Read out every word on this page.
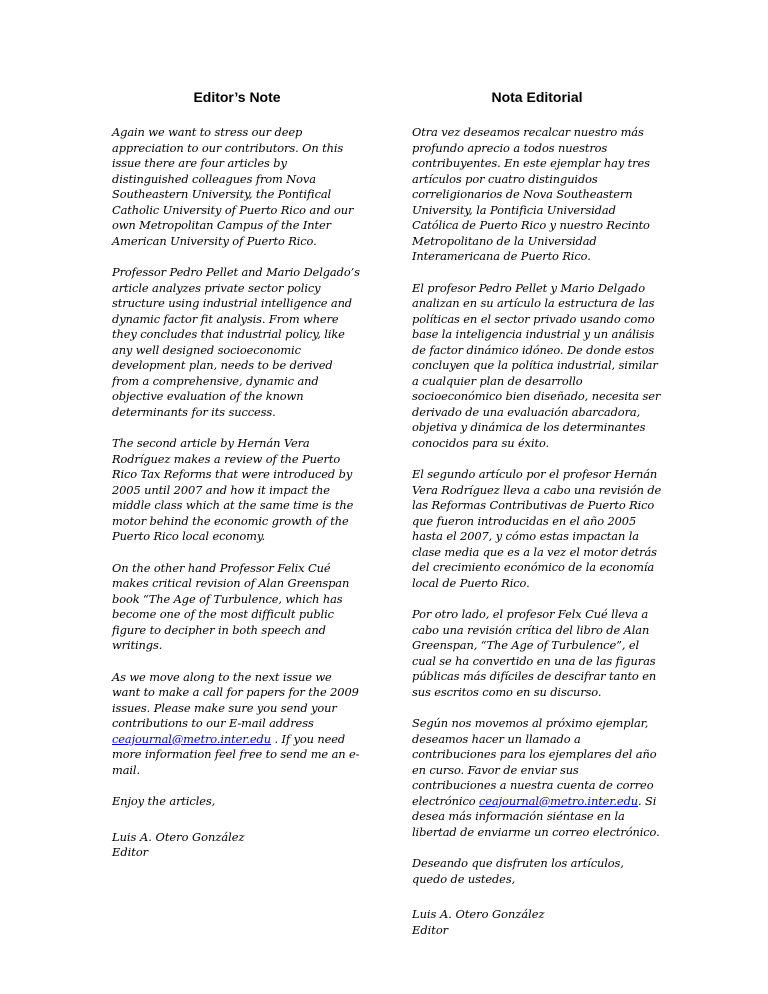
Editor’s Note

Again we want to stress our deep appreciation to our contributors. On this issue there are four articles by distinguished colleagues from Nova Southeastern University, the Pontifical Catholic University of Puerto Rico and our own Metropolitan Campus of the Inter American University of Puerto Rico.

Professor Pedro Pellet and Mario Delgado’s article analyzes private sector policy structure using industrial intelligence and dynamic factor fit analysis. From where they concludes that industrial policy, like any well designed socioeconomic development plan, needs to be derived from a comprehensive, dynamic and objective evaluation of the known determinants for its success.

The second article by Hernán Vera Rodríguez makes a review of the Puerto Rico Tax Reforms that were introduced by 2005 until 2007 and how it impact the middle class which at the same time is the motor behind the economic growth of the Puerto Rico local economy.

On the other hand Professor Felix Cué makes critical revision of Alan Greenspan book “The Age of Turbulence, which has become one of the most difficult public figure to decipher in both speech and writings.

As we move along to the next issue we want to make a call for papers for the 2009 issues. Please make sure you send your contributions to our E-mail address ceajournal@metro.inter.edu . If you need more information feel free to send me an e-mail.

Enjoy the articles,

Luis A. Otero González
Editor
Nota Editorial

Otra vez deseamos recalcar nuestro más profundo aprecio a todos nuestros contribuyentes. En este ejemplar hay tres artículos por cuatro distinguidos correligionarios de Nova Southeastern University, la Pontificia Universidad Católica de Puerto Rico y nuestro Recinto Metropolitano de la Universidad Interamericana de Puerto Rico.

El profesor Pedro Pellet y Mario Delgado analizan en su artículo la estructura de las políticas en el sector privado usando como base la inteligencia industrial y un análisis de factor dinámico idóneo. De donde estos concluyen que la política industrial, similar a cualquier plan de desarrollo socioeconómico bien diseñado, necesita ser derivado de una evaluación abarcadora, objetiva y dinámica de los determinantes conocidos para su éxito.

El segundo artículo por el profesor Hernán Vera Rodríguez lleva a cabo una revisión de las Reformas Contributivas de Puerto Rico que fueron introducidas en el año 2005 hasta el 2007, y cómo estas impactan la clase media que es a la vez el motor detrás del crecimiento económico de la economía local de Puerto Rico.

Por otro lado, el profesor Felx Cué lleva a cabo una revisión crítica del libro de Alan Greenspan, “The Age of Turbulence”, el cual se ha convertido en una de las figuras públicas más difíciles de descifrar tanto en sus escritos como en su discurso.

Según nos movemos al próximo ejemplar, deseamos hacer un llamado a contribuciones para los ejemplares del año en curso. Favor de enviar sus contribuciones a nuestra cuenta de correo electrónico ceajournal@metro.inter.edu. Si desea más información siéntase en la libertad de enviarme un correo electrónico.

Deseando que disfruten los artículos, quedo de ustedes,

Luis A. Otero González
Editor
